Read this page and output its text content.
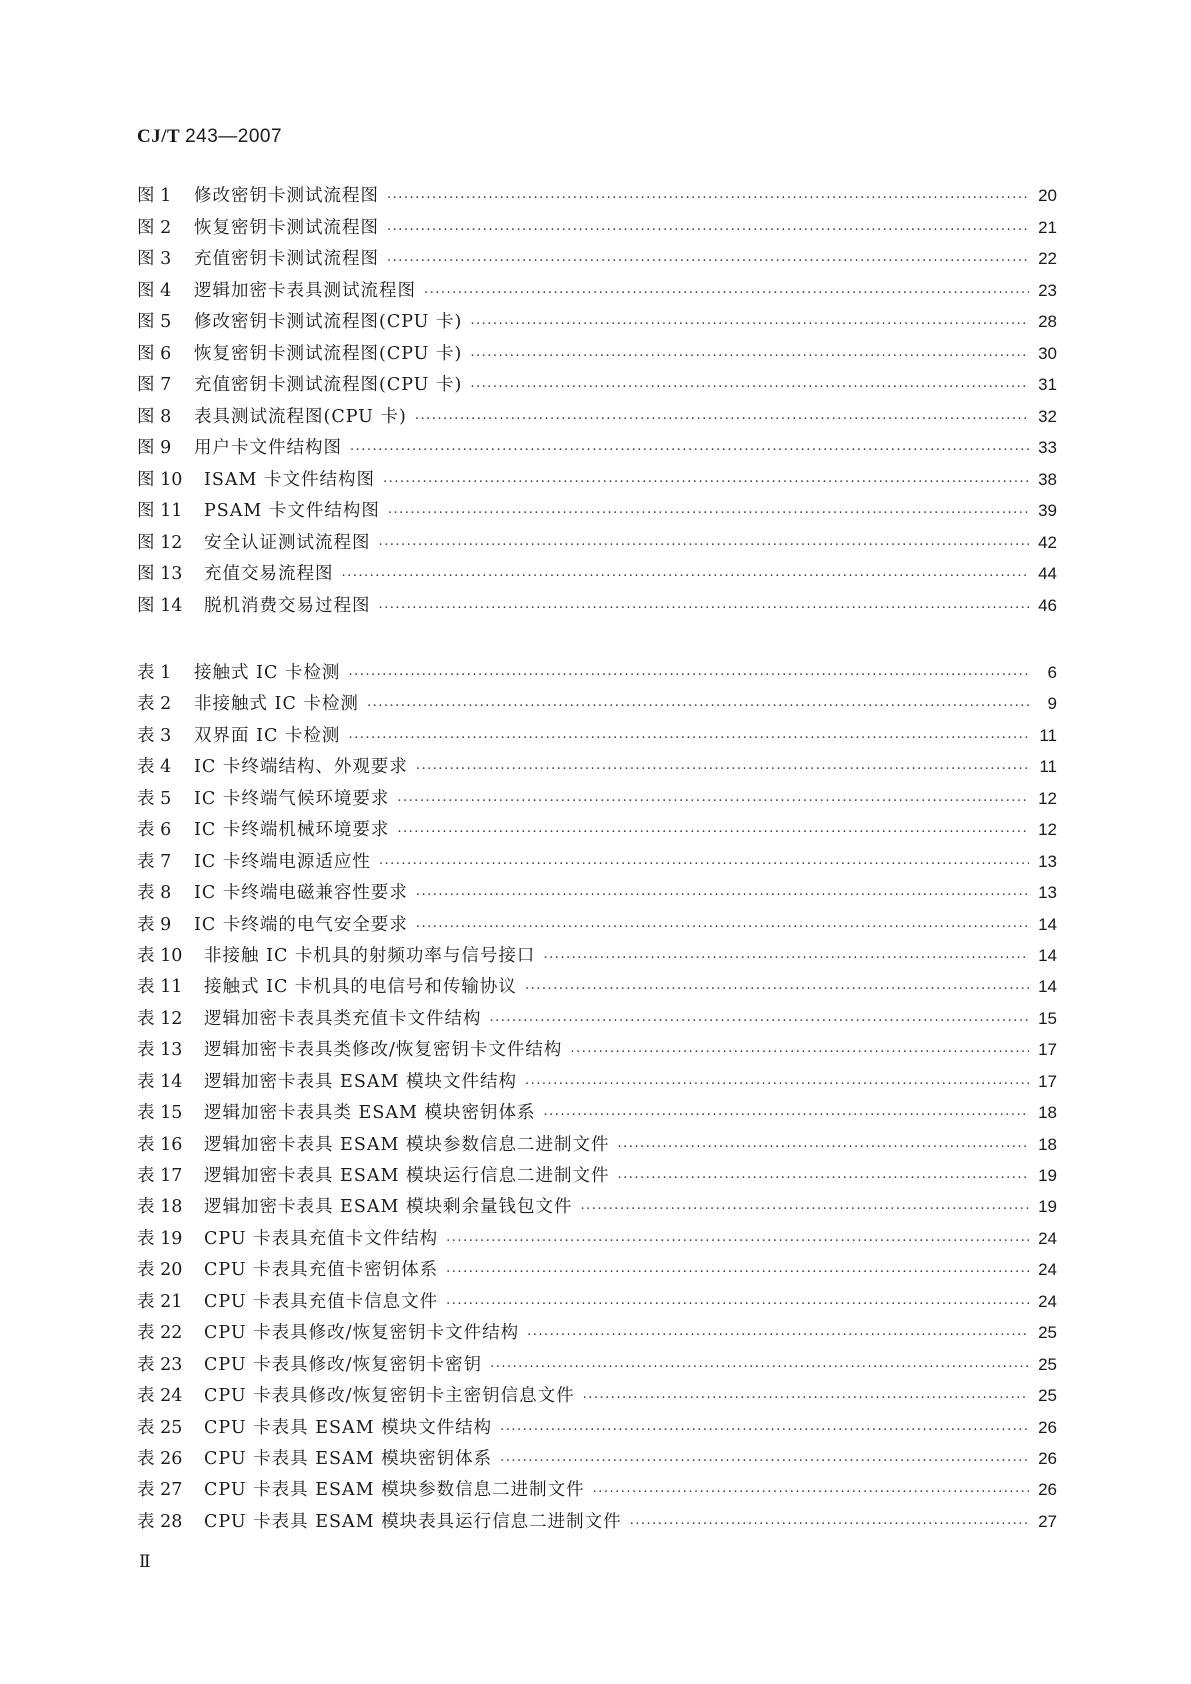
CJ/T 243—2007
图 1	修改密钥卡测试流程图 .....	20
图 2	恢复密钥卡测试流程图 .....	21
图 3	充值密钥卡测试流程图 .....	22
图 4	逻辑加密卡表具测试流程图 .....	23
图 5	修改密钥卡测试流程图(CPU 卡) .....	28
图 6	恢复密钥卡测试流程图(CPU 卡) .....	30
图 7	充值密钥卡测试流程图(CPU 卡) .....	31
图 8	表具测试流程图(CPU 卡) .....	32
图 9	用户卡文件结构图 .....	33
图 10	ISAM 卡文件结构图 .....	38
图 11	PSAM 卡文件结构图 .....	39
图 12	安全认证测试流程图 .....	42
图 13	充值交易流程图 .....	44
图 14	脱机消费交易过程图 .....	46
表 1	接触式 IC 卡检测 .....	6
表 2	非接触式 IC 卡检测 .....	9
表 3	双界面 IC 卡检测 .....	11
表 4	IC 卡终端结构、外观要求 .....	11
表 5	IC 卡终端气候环境要求 .....	12
表 6	IC 卡终端机械环境要求 .....	12
表 7	IC 卡终端电源适应性 .....	13
表 8	IC 卡终端电磁兼容性要求 .....	13
表 9	IC 卡终端的电气安全要求 .....	14
表 10	非接触 IC 卡机具的射频功率与信号接口 .....	14
表 11	接触式 IC 卡机具的电信号和传输协议 .....	14
表 12	逻辑加密卡表具类充值卡文件结构 .....	15
表 13	逻辑加密卡表具类修改/恢复密钥卡文件结构 .....	17
表 14	逻辑加密卡表具 ESAM 模块文件结构 .....	17
表 15	逻辑加密卡表具类 ESAM 模块密钥体系 .....	18
表 16	逻辑加密卡表具 ESAM 模块参数信息二进制文件 .....	18
表 17	逻辑加密卡表具 ESAM 模块运行信息二进制文件 .....	19
表 18	逻辑加密卡表具 ESAM 模块剩余量钱包文件 .....	19
表 19	CPU 卡表具充值卡文件结构 .....	24
表 20	CPU 卡表具充值卡密钥体系 .....	24
表 21	CPU 卡表具充值卡信息文件 .....	24
表 22	CPU 卡表具修改/恢复密钥卡文件结构 .....	25
表 23	CPU 卡表具修改/恢复密钥卡密钥 .....	25
表 24	CPU 卡表具修改/恢复密钥卡主密钥信息文件 .....	25
表 25	CPU 卡表具 ESAM 模块文件结构 .....	26
表 26	CPU 卡表具 ESAM 模块密钥体系 .....	26
表 27	CPU 卡表具 ESAM 模块参数信息二进制文件 .....	26
表 28	CPU 卡表具 ESAM 模块表具运行信息二进制文件 .....	27
Ⅱ
